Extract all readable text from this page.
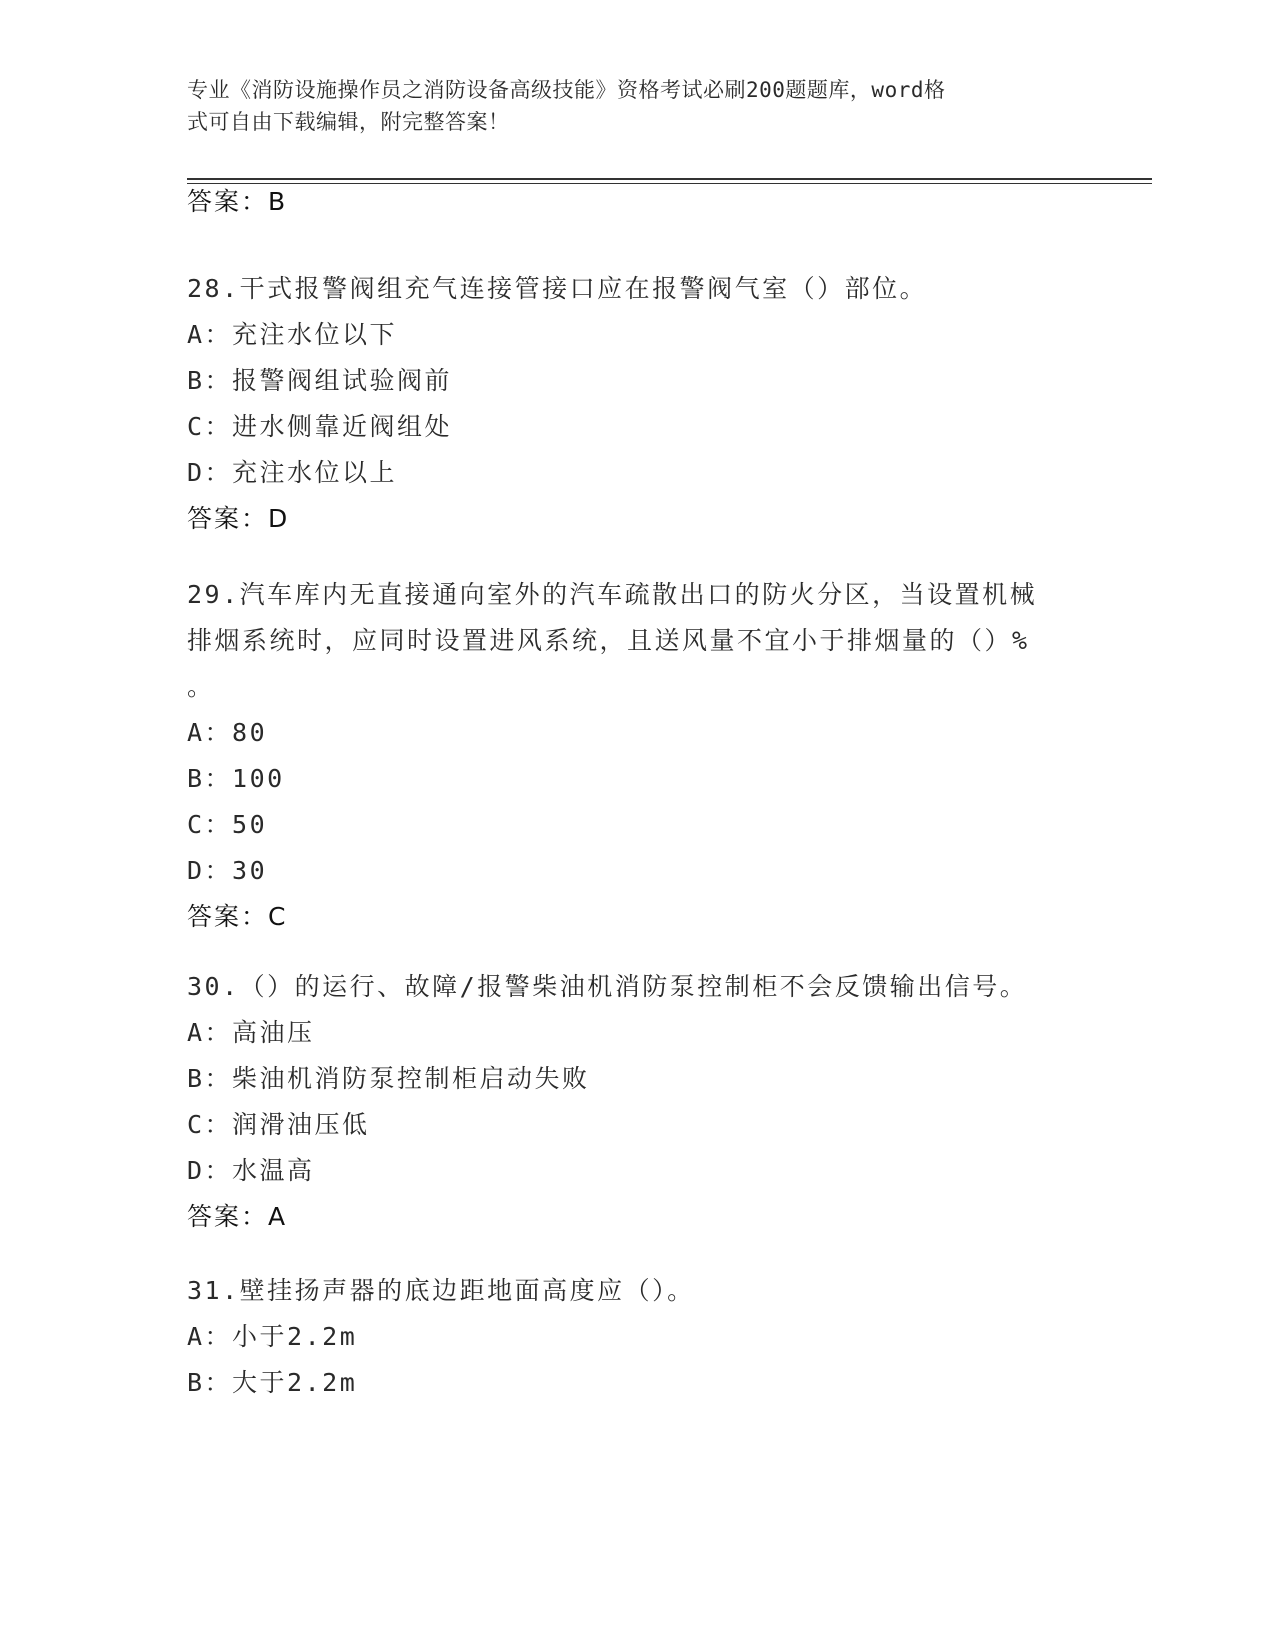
专业《消防设施操作员之消防设备高级技能》资格考试必刷200题题库，word格
式可自由下载编辑，附完整答案！
答案：B
28.干式报警阀组充气连接管接口应在报警阀气室（）部位。
A：充注水位以下
B：报警阀组试验阀前
C：进水侧靠近阀组处
D：充注水位以上
答案：D
29.汽车库内无直接通向室外的汽车疏散出口的防火分区，当设置机械
排烟系统时，应同时设置进风系统，且送风量不宜小于排烟量的（）%
。
A：80
B：100
C：50
D：30
答案：C
30.（）的运行、故障/报警柴油机消防泵控制柜不会反馈输出信号。
A：高油压
B：柴油机消防泵控制柜启动失败
C：润滑油压低
D：水温高
答案：A
31.壁挂扬声器的底边距地面高度应（）。
A：小于2.2m
B：大于2.2m
